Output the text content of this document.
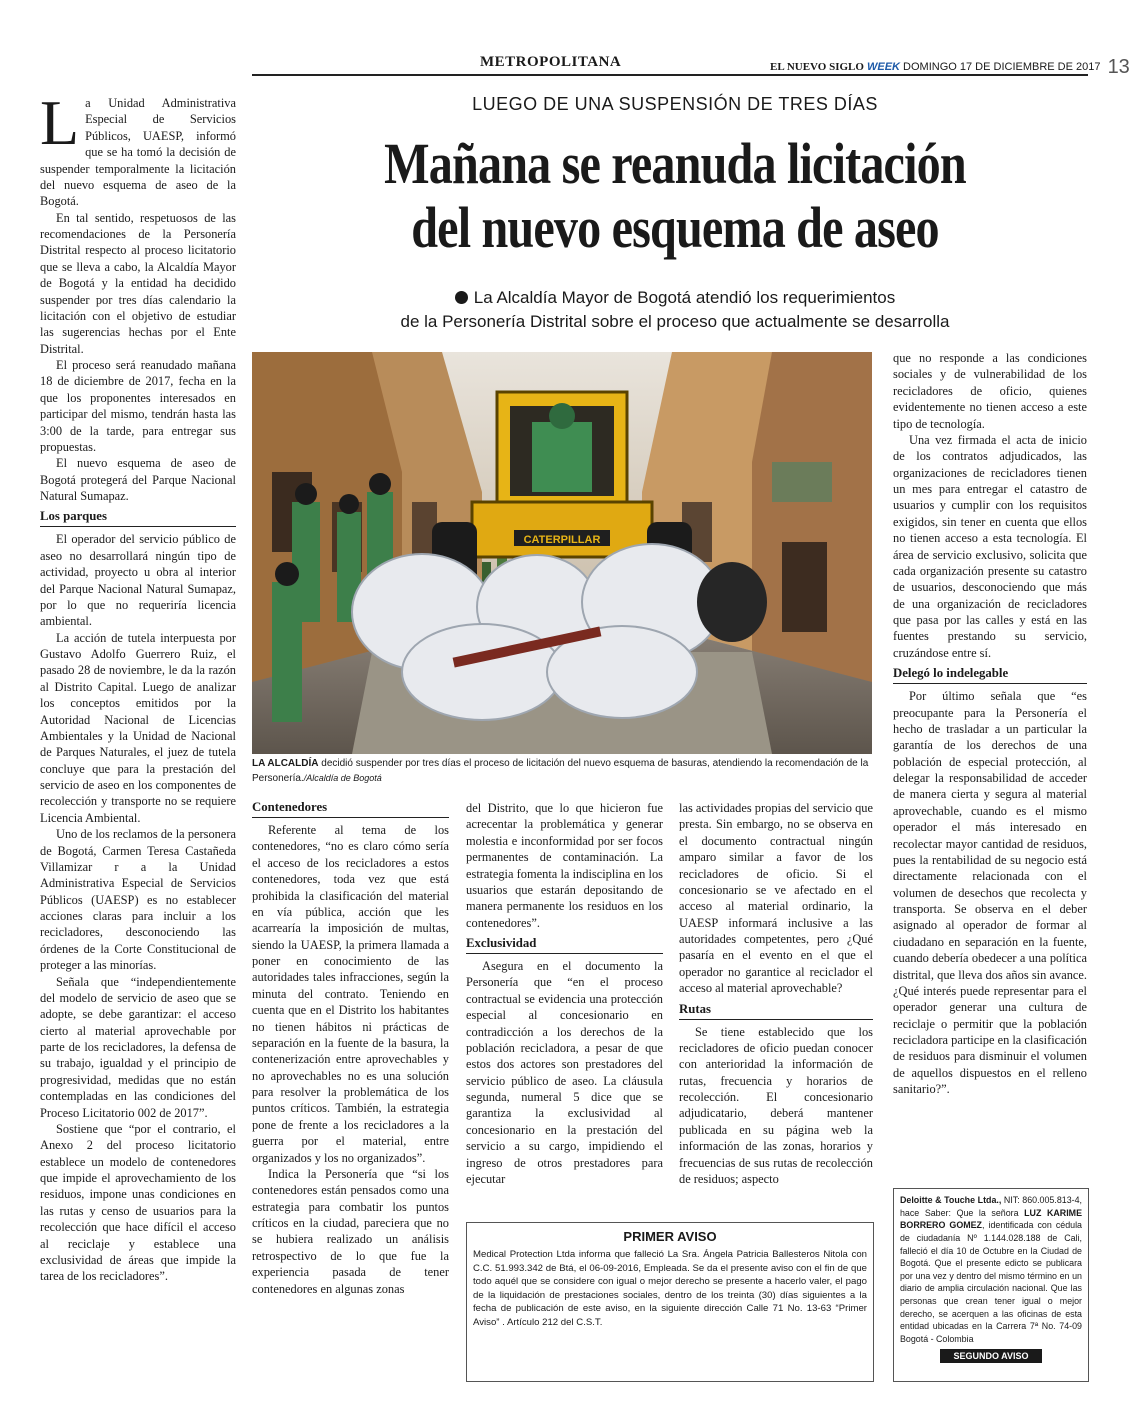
METROPOLITANA	EL NUEVO SIGLO WEEK DOMINGO 17 DE DICIEMBRE DE 2017 13
LUEGO DE UNA SUSPENSIÓN DE TRES DÍAS
Mañana se reanuda licitación
del nuevo esquema de aseo
La Alcaldía Mayor de Bogotá atendió los requerimientos
de la Personería Distrital sobre el proceso que actualmente se desarrolla

La Unidad Administrativa Especial de Servicios Públicos, UAESP, informó que se ha tomó la decisión de suspender temporalmente la licitación del nuevo esquema de aseo de la Bogotá.

En tal sentido, respetuosos de las recomendaciones de la Personería Distrital respecto al proceso licitatorio que se lleva a cabo, la Alcaldía Mayor de Bogotá y la entidad ha decidido suspender por tres días calendario la licitación con el objetivo de estudiar las sugerencias hechas por el Ente Distrital.

El proceso será reanudado mañana 18 de diciembre de 2017, fecha en la que los proponentes interesados en participar del mismo, tendrán hasta las 3:00 de la tarde, para entregar sus propuestas.

El nuevo esquema de aseo de Bogotá protegerá del Parque Nacional Natural Sumapaz.

Los parques

El operador del servicio público de aseo no desarrollará ningún tipo de actividad, proyecto u obra al interior del Parque Nacional Natural Sumapaz, por lo que no requeriría licencia ambiental.

La acción de tutela interpuesta por Gustavo Adolfo Guerrero Ruiz, el pasado 28 de noviembre, le da la razón al Distrito Capital. Luego de analizar los conceptos emitidos por la Autoridad Nacional de Licencias Ambientales y la Unidad de Nacional de Parques Naturales, el juez de tutela concluye que para la prestación del servicio de aseo en los componentes de recolección y transporte no se requiere Licencia Ambiental.

Uno de los reclamos de la personera de Bogotá, Carmen Teresa Castañeda Villamizar r a la Unidad Administrativa Especial de Servicios Públicos (UAESP) es no establecer acciones claras para incluir a los recicladores, desconociendo las órdenes de la Corte Constitucional de proteger a las minorías.

Señala que “independientemente del modelo de servicio de aseo que se adopte, se debe garantizar: el acceso cierto al material aprovechable por parte de los recicladores, la defensa de su trabajo, igualdad y el principio de progresividad, medidas que no están contempladas en las condiciones del Proceso Licitatorio 002 de 2017”.

Sostiene que “por el contrario, el Anexo 2 del proceso licitatorio establece un modelo de contenedores que impide el aprovechamiento de los residuos, impone unas condiciones en las rutas y censo de usuarios para la recolección que hace difícil el acceso al reciclaje y establece una exclusividad de áreas que impide la tarea de los recicladores”.

CATERPILLAR
LA ALCALDÍA decidió suspender por tres días el proceso de licitación del nuevo esquema de basuras, atendiendo la recomendación de la Personería./Alcaldía de Bogotá

que no responde a las condiciones sociales y de vulnerabilidad de los recicladores de oficio, quienes evidentemente no tienen acceso a este tipo de tecnología.

Una vez firmada el acta de inicio de los contratos adjudicados, las organizaciones de recicladores tienen un mes para entregar el catastro de usuarios y cumplir con los requisitos exigidos, sin tener en cuenta que ellos no tienen acceso a esta tecnología. El área de servicio exclusivo, solicita que cada organización presente su catastro de usuarios, desconociendo que más de una organización de recicladores que pasa por las calles y está en las fuentes prestando su servicio, cruzándose entre sí.

Delegó lo indelegable

Por último señala que “es preocupante para la Personería el hecho de trasladar a un particular la garantía de los derechos de una población de especial protección, al delegar la responsabilidad de acceder de manera cierta y segura al material aprovechable, cuando es el mismo operador el más interesado en recolectar mayor cantidad de residuos, pues la rentabilidad de su negocio está directamente relacionada con el volumen de desechos que recolecta y transporta. Se observa en el deber asignado al operador de formar al ciudadano en separación en la fuente, cuando debería obedecer a una política distrital, que lleva dos años sin avance. ¿Qué interés puede representar para el operador generar una cultura de reciclaje o permitir que la población recicladora participe en la clasificación de residuos para disminuir el volumen de aquellos dispuestos en el relleno sanitario?”.

Contenedores

Referente al tema de los contenedores, “no es claro cómo sería el acceso de los recicladores a estos contenedores, toda vez que está prohibida la clasificación del material en vía pública, acción que les acarrearía la imposición de multas, siendo la UAESP, la primera llamada a poner en conocimiento de las autoridades tales infracciones, según la minuta del contrato. Teniendo en cuenta que en el Distrito los habitantes no tienen hábitos ni prácticas de separación en la fuente de la basura, la contenerización entre aprovechables y no aprovechables no es una solución para resolver la problemática de los puntos críticos. También, la estrategia pone de frente a los recicladores a la guerra por el material, entre organizados y los no organizados”.

Indica la Personería que “si los contenedores están pensados como una estrategia para combatir los puntos críticos en la ciudad, pareciera que no se hubiera realizado un análisis retrospectivo de lo que fue la experiencia pasada de tener contenedores en algunas zonas

del Distrito, que lo que hicieron fue acrecentar la problemática y generar molestia e inconformidad por ser focos permanentes de contaminación. La estrategia fomenta la indisciplina en los usuarios que estarán depositando de manera permanente los residuos en los contenedores”.

Exclusividad

Asegura en el documento la Personería que “en el proceso contractual se evidencia una protección especial al concesionario en contradicción a los derechos de la población recicladora, a pesar de que estos dos actores son prestadores del servicio público de aseo. La cláusula segunda, numeral 5 dice que se garantiza la exclusividad al concesionario en la prestación del servicio a su cargo, impidiendo el ingreso de otros prestadores para ejecutar

las actividades propias del servicio que presta. Sin embargo, no se observa en el documento contractual ningún amparo similar a favor de los recicladores de oficio. Si el concesionario se ve afectado en el acceso al material ordinario, la UAESP informará inclusive a las autoridades competentes, pero ¿Qué pasaría en el evento en el que el operador no garantice al reciclador el acceso al material aprovechable?

Rutas

Se tiene establecido que los recicladores de oficio puedan conocer con anterioridad la información de rutas, frecuencia y horarios de recolección. El concesionario adjudicatario, deberá mantener publicada en su página web la información de las zonas, horarios y frecuencias de sus rutas de recolección de residuos; aspecto

PRIMER AVISO

Medical Protection Ltda informa que falleció La Sra. Ángela Patricia Ballesteros Nitola con C.C. 51.993.342 de Btá, el 06-09-2016, Empleada. Se da el presente aviso con el fin de que todo aquél que se considere con igual o mejor derecho se presente a hacerlo valer, el pago de la liquidación de prestaciones sociales, dentro de los treinta (30) días siguientes a la fecha de publicación de este aviso, en la siguiente dirección Calle 71 No. 13-63 “Primer Aviso” . Artículo 212 del C.S.T.

Deloitte & Touche Ltda., NIT: 860.005.813-4, hace Saber: Que la señora LUZ KARIME BORRERO GOMEZ, identificada con cédula de ciudadanía Nº 1.144.028.188 de Cali, falleció el día 10 de Octubre en la Ciudad de Bogotá. Que el presente edicto se publicara por una vez y dentro del mismo término en un diario de amplia circulación nacional. Que las personas que crean tener igual o mejor derecho, se acerquen a las oficinas de esta entidad ubicadas en la Carrera 7ª No. 74-09 Bogotá - Colombia

SEGUNDO AVISO
